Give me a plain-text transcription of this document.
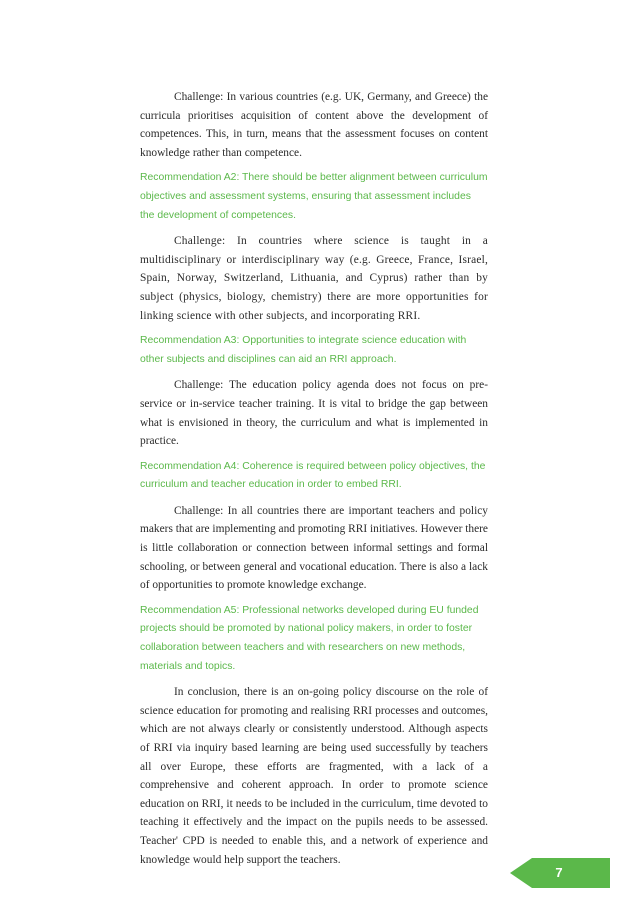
Challenge: In various countries (e.g. UK, Germany, and Greece) the curricula prioritises acquisition of content above the development of competences. This, in turn, means that the assessment focuses on content knowledge rather than competence.

Recommendation A2: There should be better alignment between curriculum objectives and assessment systems, ensuring that assessment includes the development of competences.

Challenge: In countries where science is taught in a multidisciplinary or interdisciplinary way (e.g. Greece, France, Israel, Spain, Norway, Switzerland, Lithuania, and Cyprus) rather than by subject (physics, biology, chemistry) there are more opportunities for linking science with other subjects, and incorporating RRI.

Recommendation A3: Opportunities to integrate science education with other subjects and disciplines can aid an RRI approach.

Challenge: The education policy agenda does not focus on pre-service or in-service teacher training. It is vital to bridge the gap between what is envisioned in theory, the curriculum and what is implemented in practice.

Recommendation A4: Coherence is required between policy objectives, the curriculum and teacher education in order to embed RRI.

Challenge: In all countries there are important teachers and policy makers that are implementing and promoting RRI initiatives. However there is little collaboration or connection between informal settings and formal schooling, or between general and vocational education. There is also a lack of opportunities to promote knowledge exchange.

Recommendation A5: Professional networks developed during EU funded projects should be promoted by national policy makers, in order to foster collaboration between teachers and with researchers on new methods, materials and topics.

In conclusion, there is an on-going policy discourse on the role of science education for promoting and realising RRI processes and outcomes, which are not always clearly or consistently understood. Although aspects of RRI via inquiry based learning are being used successfully by teachers all over Europe, these efforts are fragmented, with a lack of a comprehensive and coherent approach. In order to promote science education on RRI, it needs to be included in the curriculum, time devoted to teaching it effectively and the impact on the pupils needs to be assessed. Teacher' CPD is needed to enable this, and a network of experience and knowledge would help support the teachers.

7
